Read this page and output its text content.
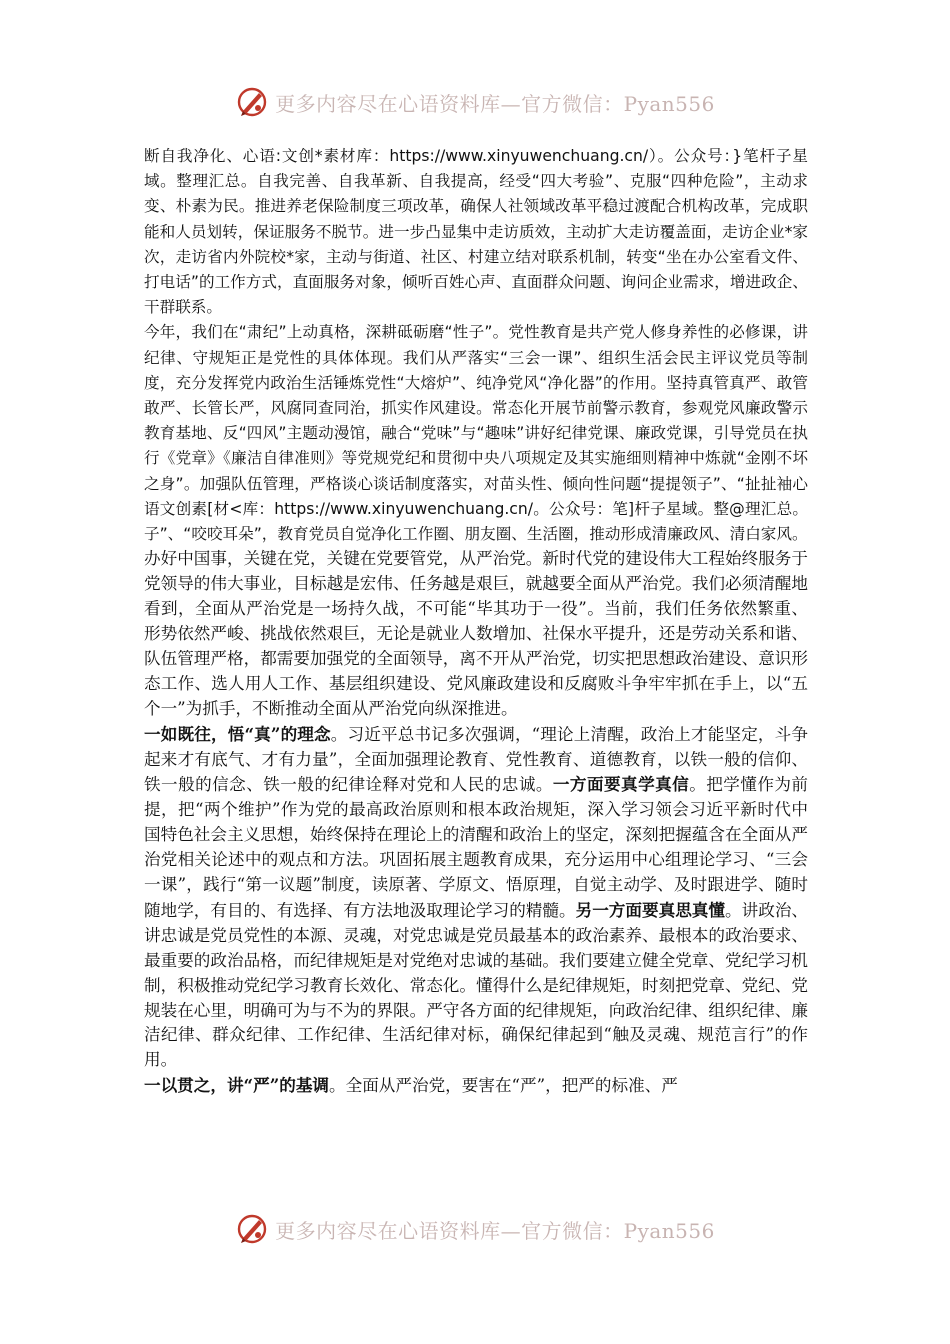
更多内容尽在心语资料库—官方微信：Pyan556

断自我净化、心语:文创*素材库：https://www.xinyuwenchuang.cn/）。公众号：}笔杆子星域。整理汇总。自我完善、自我革新、自我提高，经受“四大考验”、克服“四种危险”，主动求变、朴素为民。推进养老保险制度三项改革，确保人社领域改革平稳过渡配合机构改革，完成职能和人员划转，保证服务不脱节。进一步凸显集中走访质效，主动扩大走访覆盖面，走访企业*家次，走访省内外院校*家，主动与街道、社区、村建立结对联系机制，转变“坐在办公室看文件、打电话”的工作方式，直面服务对象，倾听百姓心声、直面群众问题、询问企业需求，增进政企、干群联系。

今年，我们在“肃纪”上动真格，深耕砥砺磨“性子”。党性教育是共产党人修身养性的必修课，讲纪律、守规矩正是党性的具体体现。我们从严落实“三会一课”、组织生活会民主评议党员等制度，充分发挥党内政治生活锤炼党性“大熔炉”、纯净党风“净化器”的作用。坚持真管真严、敢管敢严、长管长严，风腐同查同治，抓实作风建设。常态化开展节前警示教育，参观党风廉政警示教育基地、反“四风”主题动漫馆，融合“党味”与“趣味”讲好纪律党课、廉政党课，引导党员在执行《党章》《廉洁自律准则》等党规党纪和贯彻中央八项规定及其实施细则精神中炼就“金刚不坏之身”。加强队伍管理，严格谈心谈话制度落实，对苗头性、倾向性问题“提提领子”、“扯扯袖心语文创素[材<库：https://www.xinyuwenchuang.cn/。公众号：笔]杆子星域。整@理汇总。子”、“咬咬耳朵”，教育党员自觉净化工作圈、朋友圈、生活圈，推动形成清廉政风、清白家风。

办好中国事，关键在党，关键在党要管党，从严治党。新时代党的建设伟大工程始终服务于党领导的伟大事业，目标越是宏伟、任务越是艰巨，就越要全面从严治党。我们必须清醒地看到，全面从严治党是一场持久战，不可能“毕其功于一役”。当前，我们任务依然繁重、形势依然严峻、挑战依然艰巨，无论是就业人数增加、社保水平提升，还是劳动关系和谐、队伍管理严格，都需要加强党的全面领导，离不开从严治党，切实把思想政治建设、意识形态工作、选人用人工作、基层组织建设、党风廉政建设和反腐败斗争牢牢抓在手上，以“五个一”为抓手，不断推动全面从严治党向纵深推进。

一如既往，悟“真”的理念。习近平总书记多次强调，“理论上清醒，政治上才能坚定，斗争起来才有底气、才有力量”，全面加强理论教育、党性教育、道德教育，以铁一般的信仰、铁一般的信念、铁一般的纪律诠释对党和人民的忠诚。一方面要真学真信。把学懂作为前提，把“两个维护”作为党的最高政治原则和根本政治规矩，深入学习领会习近平新时代中国特色社会主义思想，始终保持在理论上的清醒和政治上的坚定，深刻把握蕴含在全面从严治党相关论述中的观点和方法。巩固拓展主题教育成果，充分运用中心组理论学习、“三会一课”，践行“第一议题”制度，读原著、学原文、悟原理，自觉主动学、及时跟进学、随时随地学，有目的、有选择、有方法地汲取理论学习的精髓。另一方面要真思真懂。讲政治、讲忠诚是党员党性的本源、灵魂，对党忠诚是党员最基本的政治素养、最根本的政治要求、最重要的政治品格，而纪律规矩是对党绝对忠诚的基础。我们要建立健全党章、党纪学习机制，积极推动党纪学习教育长效化、常态化。懂得什么是纪律规矩，时刻把党章、党纪、党规装在心里，明确可为与不为的界限。严守各方面的纪律规矩，向政治纪律、组织纪律、廉洁纪律、群众纪律、工作纪律、生活纪律对标，确保纪律起到“触及灵魂、规范言行”的作用。

一以贯之，讲“严”的基调。全面从严治党，要害在“严”，把严的标准、严

更多内容尽在心语资料库—官方微信：Pyan556
